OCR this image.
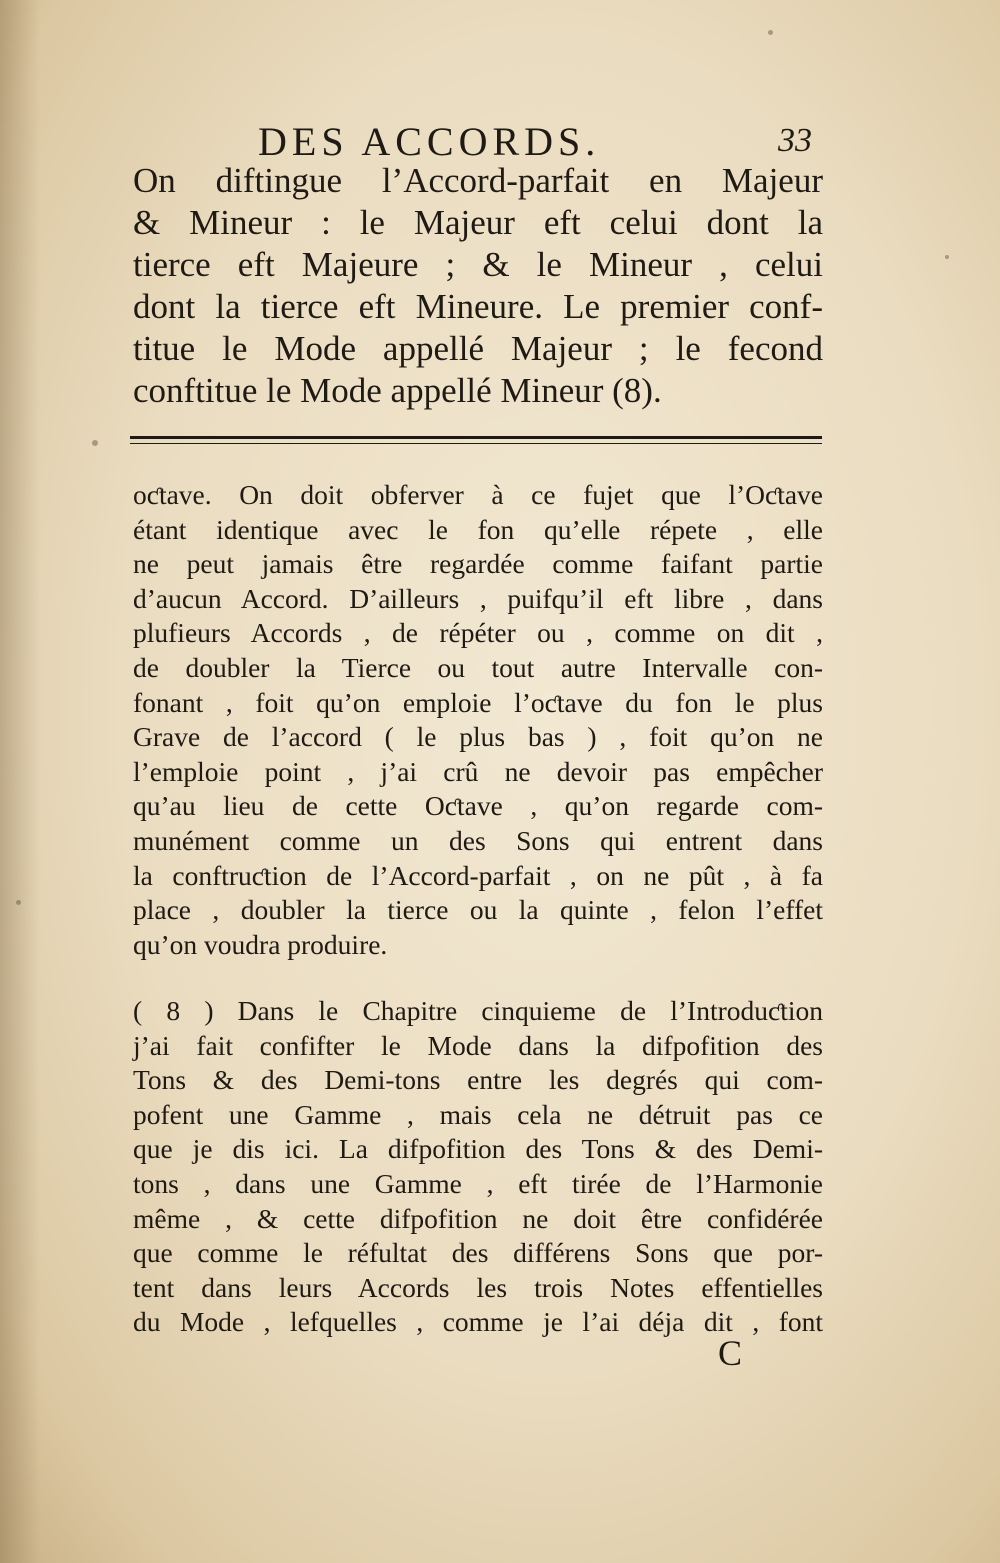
DES ACCORDS.	33
On diftingue l’Accord-parfait en Majeur
& Mineur : le Majeur eft celui dont la
tierce eft Majeure ; & le Mineur , celui
dont la tierce eft Mineure. Le premier conf-
titue le Mode appellé Majeur ; le fecond
conftitue le Mode appellé Mineur (8).
oƈtave. On doit obferver à ce fujet que l’Oƈtave
étant identique avec le fon qu’elle répete , elle
ne peut jamais être regardée comme faifant partie
d’aucun Accord. D’ailleurs , puifqu’il eft libre , dans
plufieurs Accords , de répéter ou , comme on dit ,
de doubler la Tierce ou tout autre Intervalle con-
fonant , foit qu’on emploie l’oƈtave du fon le plus
Grave de l’accord ( le plus bas ) , foit qu’on ne
l’emploie point , j’ai crû ne devoir pas empêcher
qu’au lieu de cette Oƈtave , qu’on regarde com-
munément comme un des Sons qui entrent dans
la conftruƈtion de l’Accord-parfait , on ne pût , à fa
place , doubler la tierce ou la quinte , felon l’effet
qu’on voudra produire.
( 8 ) Dans le Chapitre cinquieme de l’Introduƈtion
j’ai fait confifter le Mode dans la difpofition des
Tons & des Demi-tons entre les degrés qui com-
pofent une Gamme , mais cela ne détruit pas ce
que je dis ici. La difpofition des Tons & des Demi-
tons , dans une Gamme , eft tirée de l’Harmonie
même , & cette difpofition ne doit être confidérée
que comme le réfultat des différens Sons que por-
tent dans leurs Accords les trois Notes effentielles
du Mode , lefquelles , comme je l’ai déja dit , font
C
